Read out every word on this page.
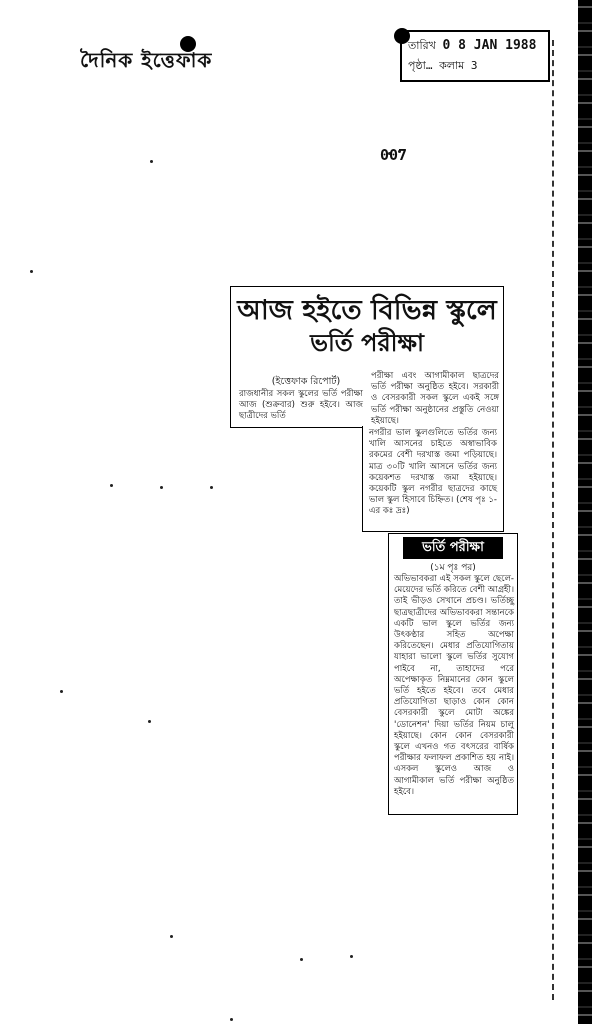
দৈনিক ইত্তেফাক
তারিখ 0 8 JAN 1988
পৃষ্ঠা… কলাম 3
007
আজ হইতে বিভিন্ন স্কুলে
ভর্তি পরীক্ষা
(ইত্তেফাক রিপোর্ট)
রাজধানীর সকল স্কুলের ভর্তি পরীক্ষা আজ (শুক্রবার) শুরু হইবে। আজ ছাত্রীদের ভর্তি
পরীক্ষা এবং আগামীকাল ছাত্রদের ভর্তি পরীক্ষা অনুষ্ঠিত হইবে। সরকারী ও বেসরকারী সকল স্কুলে একই সঙ্গে ভর্তি পরীক্ষা অনুষ্ঠানের প্রস্তুতি নেওয়া হইয়াছে।
নগরীর ভাল স্কুলগুলিতে ভর্তির জন্য খালি আসনের চাইতে অস্বাভাবিক রকমের বেশী দরখাস্ত জমা পড়িয়াছে। মাত্র ৩০টি খালি আসনে ভর্তির জন্য কয়েকশত দরখাস্ত জমা হইয়াছে। কয়েকটি স্কুল নগরীর ছাত্রদের কাছে ভাল স্কুল হিসাবে চিহ্নিত। (শেষ পৃঃ ১-এর কঃ দ্রঃ)
ভর্তি পরীক্ষা
(১ম পৃঃ পর)
অভিভাবকরা এই সকল স্কুলে ছেলে-মেয়েদের ভর্তি করিতে বেশী আগ্রহী। তাই ভীড়ও সেখানে প্রচণ্ড। ভর্তিচ্ছু ছাত্রছাত্রীদের অভিভাবকরা সন্তানকে একটি ভাল স্কুলে ভর্তির জন্য উৎকণ্ঠার সহিত অপেক্ষা করিতেছেন। মেধার প্রতিযোগিতায় যাহারা ভালো স্কুলে ভর্তির সুযোগ পাইবে না, তাহাদের পরে অপেক্ষাকৃত নিম্নমানের কোন স্কুলে ভর্তি হইতে হইবে। তবে মেধার প্রতিযোগিতা ছাড়াও কোন কোন বেসরকারী স্কুলে মোটা অঙ্কের 'ডোনেশন' দিয়া ভর্তির নিয়ম চালু হইয়াছে। কোন কোন বেসরকারী স্কুলে এখনও গত বৎসরের বার্ষিক পরীক্ষার ফলাফল প্রকাশিত হয় নাই। এসকল স্কুলেও আজ ও আগামীকাল ভর্তি পরীক্ষা অনুষ্ঠিত হইবে।
